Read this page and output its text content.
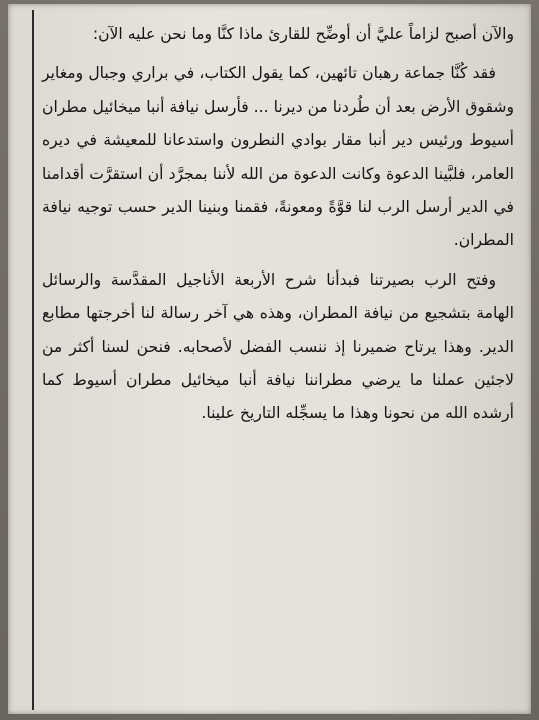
والآن أصبح لزاماً عليَّ أن أوضِّح للقارئ ماذا كنَّا وما نحن عليه الآن:

فقد كُنَّا جماعة رهبان تائهين، كما يقول الكتاب، في براري وجبال ومغاير وشقوق الأرض بعد أن طُردنا من ديرنا ... فأرسل نيافة أنبا ميخائيل مطران أسيوط ورئيس دير أنبا مقار بوادي النطرون واستدعانا للمعيشة في ديره العامر، فلبَّينا الدعوة وكانت الدعوة من الله لأننا بمجرَّد أن استقرَّت أقدامنا في الدير أرسل الرب لنا قوَّةً ومعونةً، فقمنا وبنينا الدير حسب توجيه نيافة المطران.

وفتح الرب بصيرتنا فبدأنا شرح الأربعة الأناجيل المقدَّسة والرسائل الهامة بتشجيع من نيافة المطران، وهذه هي آخر رسالة لنا أخرجتها مطابع الدير. وهذا يرتاح ضميرنا إذ ننسب الفضل لأصحابه. فنحن لسنا أكثر من لاجئين عملنا ما يرضي مطراننا نيافة أنبا ميخائيل مطران أسيوط كما أرشده الله من نحونا وهذا ما يسجِّله التاريخ علينا.
